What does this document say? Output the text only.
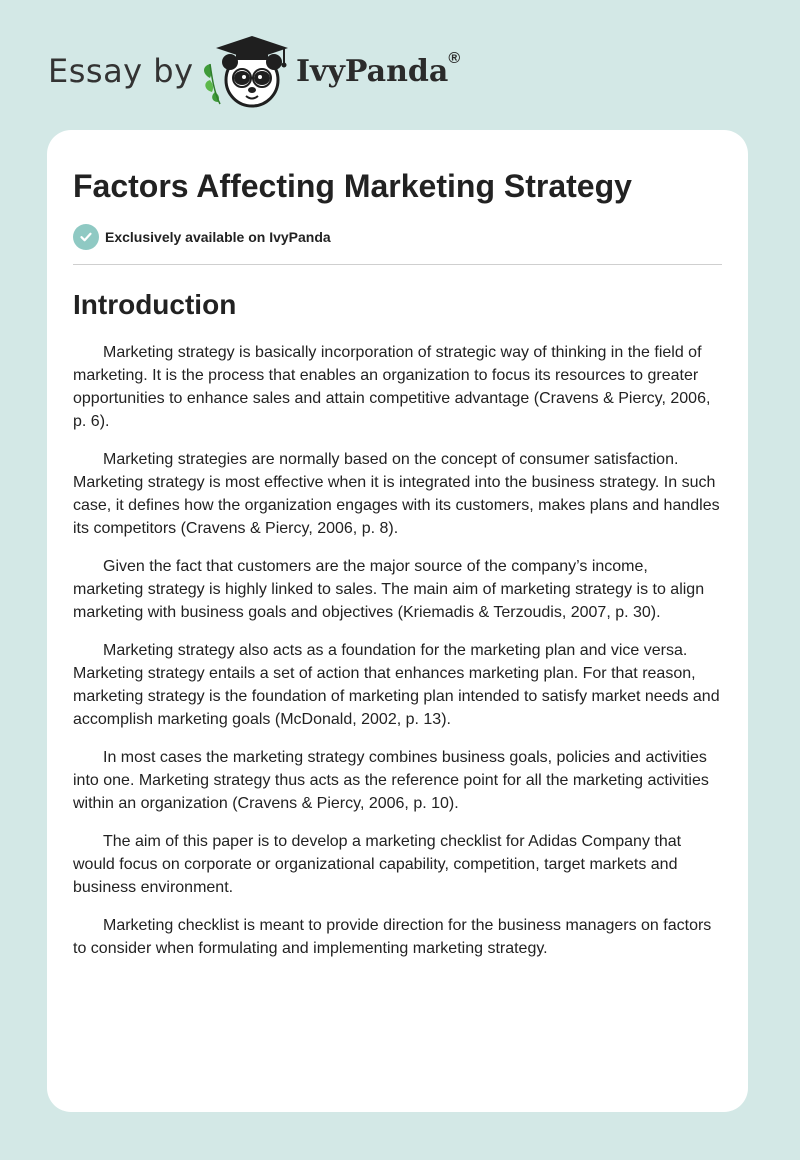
Essay by	IvyPanda®
Factors Affecting Marketing Strategy
Exclusively available on IvyPanda
Introduction

Marketing strategy is basically incorporation of strategic way of thinking in the field of marketing. It is the process that enables an organization to focus its resources to greater opportunities to enhance sales and attain competitive advantage (Cravens & Piercy, 2006, p. 6).

Marketing strategies are normally based on the concept of consumer satisfaction. Marketing strategy is most effective when it is integrated into the business strategy. In such case, it defines how the organization engages with its customers, makes plans and handles its competitors (Cravens & Piercy, 2006, p. 8).

Given the fact that customers are the major source of the company’s income, marketing strategy is highly linked to sales. The main aim of marketing strategy is to align marketing with business goals and objectives (Kriemadis & Terzoudis, 2007, p. 30).

Marketing strategy also acts as a foundation for the marketing plan and vice versa. Marketing strategy entails a set of action that enhances marketing plan. For that reason, marketing strategy is the foundation of marketing plan intended to satisfy market needs and accomplish marketing goals (McDonald, 2002, p. 13).

In most cases the marketing strategy combines business goals, policies and activities into one. Marketing strategy thus acts as the reference point for all the marketing activities within an organization (Cravens & Piercy, 2006, p. 10).

The aim of this paper is to develop a marketing checklist for Adidas Company that would focus on corporate or organizational capability, competition, target markets and business environment.

Marketing checklist is meant to provide direction for the business managers on factors to consider when formulating and implementing marketing strategy.
